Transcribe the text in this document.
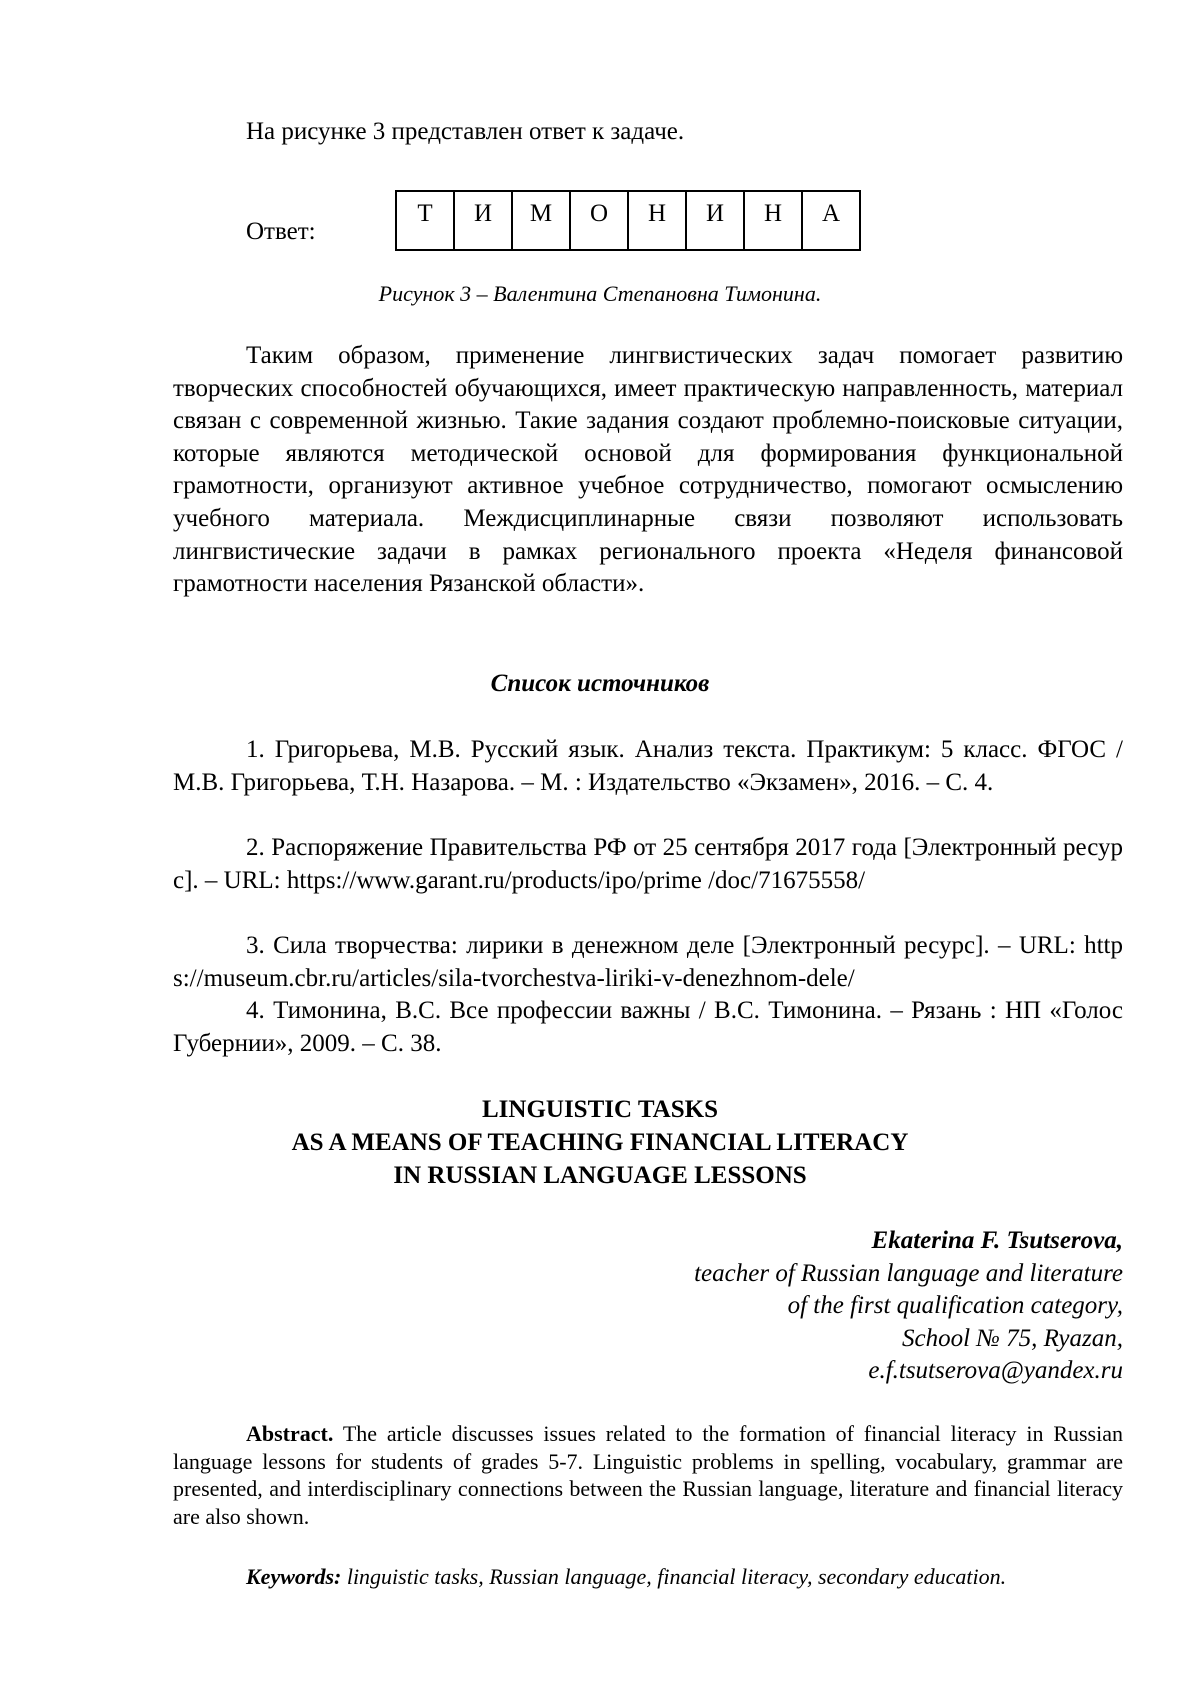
На рисунке 3 представлен ответ к задаче.

Ответ:
Т	И	М	О	Н	И	Н	А
Рисунок 3 – Валентина Степановна Тимонина.

Таким образом, применение лингвистических задач помогает развитию творческих способностей обучающихся, имеет практическую направленность, материал связан с современной жизнью. Такие задания создают проблемно-поисковые ситуации, которые являются методической основой для формирования функциональной грамотности, организуют активное учебное сотрудничество, помогают осмыслению учебного материала. Междисциплинарные связи позволяют использовать лингвистические задачи в рамках регионального проекта «Неделя финансовой грамотности населения Рязанской области».

Список источников

1. Григорьева, М.В. Русский язык. Анализ текста. Практикум: 5 класс. ФГОС / М.В. Григорьева, Т.Н. Назарова. – М. : Издательство «Экзамен», 2016. – С. 4.

2. Распоряжение Правительства РФ от 25 сентября 2017 года [Электронный ресурс]. – URL: https://www.garant.ru/products/ipo/prime /doc/71675558/

3. Сила творчества: лирики в денежном деле [Электронный ресурс]. – URL: https://museum.cbr.ru/articles/sila-tvorchestva-liriki-v-denezhnom-dele/

4. Тимонина, В.С. Все профессии важны / В.С. Тимонина. – Рязань : НП «Голос Губернии», 2009. – С. 38.

LINGUISTIC TASKS
AS A MEANS OF TEACHING FINANCIAL LITERACY
IN RUSSIAN LANGUAGE LESSONS
Ekaterina F. Tsutserova,
teacher of Russian language and literature
of the first qualification category,
School № 75, Ryazan,
e.f.tsutserova@yandex.ru

Abstract. The article discusses issues related to the formation of financial literacy in Russian language lessons for students of grades 5-7. Linguistic problems in spelling, vocabulary, grammar are presented, and interdisciplinary connections between the Russian language, literature and financial literacy are also shown.

Keywords: linguistic tasks, Russian language, financial literacy, secondary education.
